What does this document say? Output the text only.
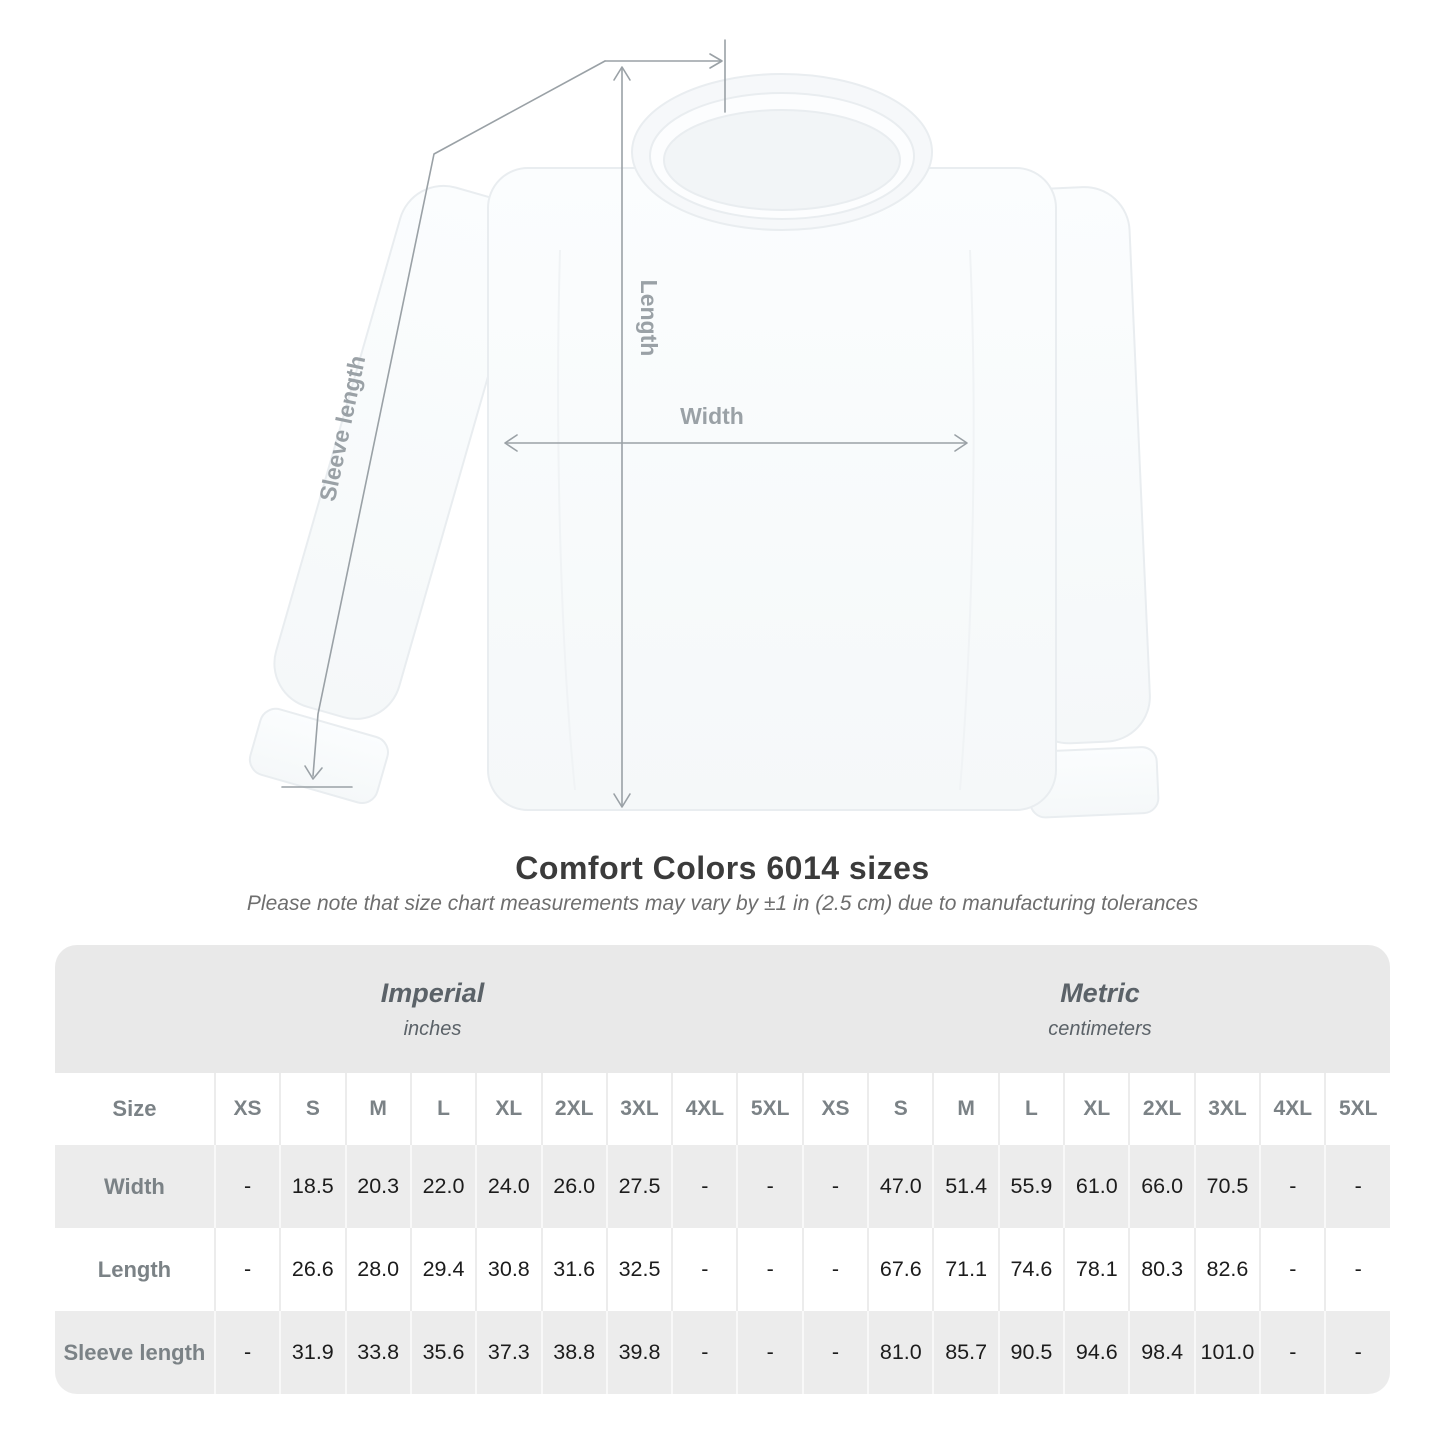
Length
Width
Sleeve length
Comfort Colors 6014 sizes
Please note that size chart measurements may vary by ±1 in (2.5 cm) due to manufacturing tolerances
Imperial
inches
Metric
centimeters
Size	XS	S	M	L	XL	2XL	3XL	4XL	5XL	XS	S	M	L	XL	2XL	3XL	4XL	5XL
Width	-	18.5	20.3	22.0	24.0	26.0	27.5	-	-	-	47.0	51.4	55.9	61.0	66.0	70.5	-	-
Length	-	26.6	28.0	29.4	30.8	31.6	32.5	-	-	-	67.6	71.1	74.6	78.1	80.3	82.6	-	-
Sleeve length	-	31.9	33.8	35.6	37.3	38.8	39.8	-	-	-	81.0	85.7	90.5	94.6	98.4	101.0	-	-
